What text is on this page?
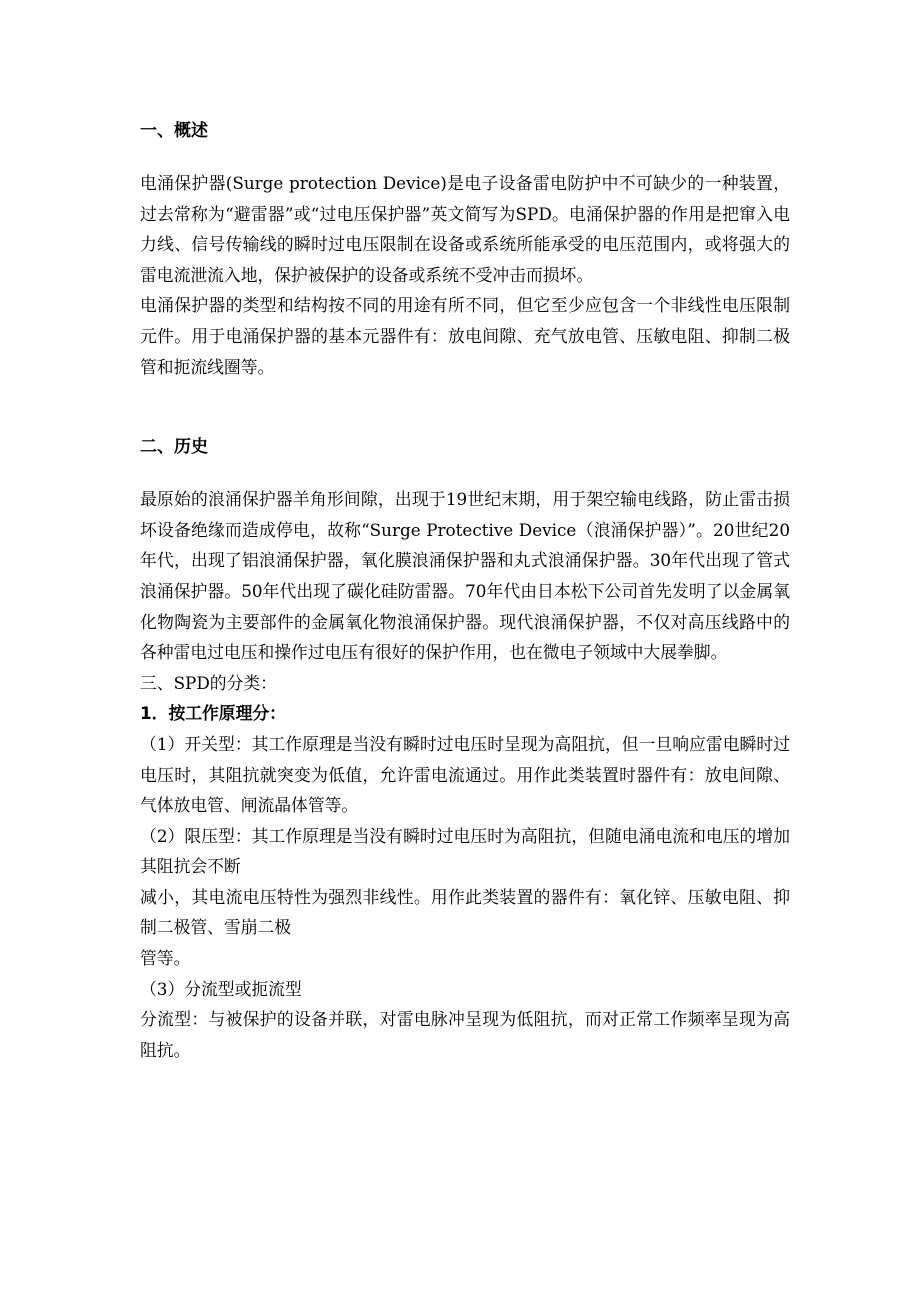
一、概述

电涌保护器(Surge protection Device)是电子设备雷电防护中不可缺少的一种装置，过去常称为“避雷器”或“过电压保护器”英文简写为SPD。电涌保护器的作用是把窜入电力线、信号传输线的瞬时过电压限制在设备或系统所能承受的电压范围内，或将强大的雷电流泄流入地，保护被保护的设备或系统不受冲击而损坏。

电涌保护器的类型和结构按不同的用途有所不同，但它至少应包含一个非线性电压限制元件。用于电涌保护器的基本元器件有：放电间隙、充气放电管、压敏电阻、抑制二极管和扼流线圈等。

二、历史

最原始的浪涌保护器羊角形间隙，出现于19世纪末期，用于架空输电线路，防止雷击损坏设备绝缘而造成停电，故称“Surge Protective Device（浪涌保护器）”。20世纪20年代，出现了铝浪涌保护器，氧化膜浪涌保护器和丸式浪涌保护器。30年代出现了管式浪涌保护器。50年代出现了碳化硅防雷器。70年代由日本松下公司首先发明了以金属氧化物陶瓷为主要部件的金属氧化物浪涌保护器。现代浪涌保护器，不仅对高压线路中的各种雷电过电压和操作过电压有很好的保护作用，也在微电子领域中大展拳脚。

三、SPD的分类：

1．按工作原理分：

（1）开关型：其工作原理是当没有瞬时过电压时呈现为高阻抗，但一旦响应雷电瞬时过电压时，其阻抗就突变为低值，允许雷电流通过。用作此类装置时器件有：放电间隙、气体放电管、闸流晶体管等。

（2）限压型：其工作原理是当没有瞬时过电压时为高阻抗，但随电涌电流和电压的增加其阻抗会不断

减小，其电流电压特性为强烈非线性。用作此类装置的器件有：氧化锌、压敏电阻、抑制二极管、雪崩二极

管等。

（3）分流型或扼流型

分流型：与被保护的设备并联，对雷电脉冲呈现为低阻抗，而对正常工作频率呈现为高阻抗。
